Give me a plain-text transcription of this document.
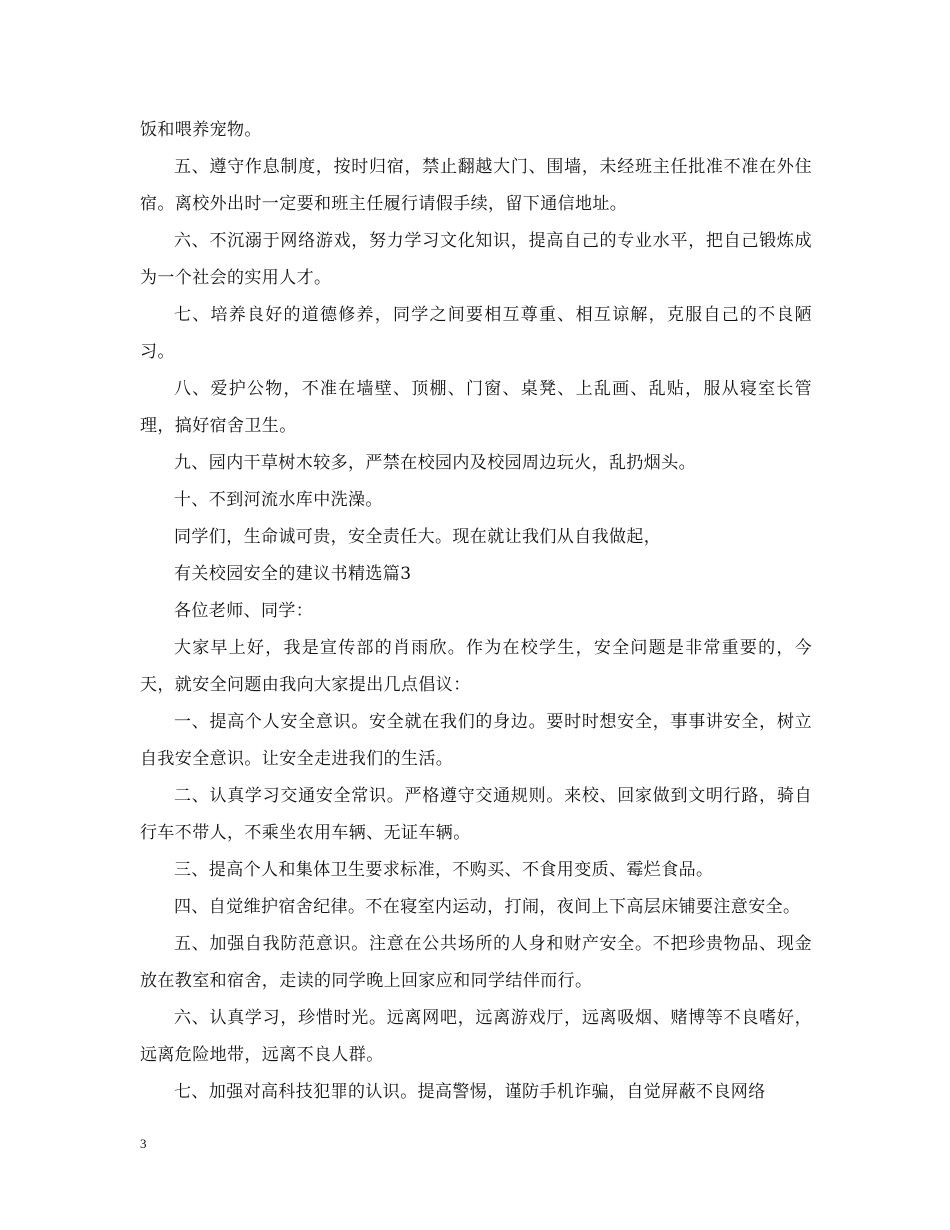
饭和喂养宠物。

五、遵守作息制度，按时归宿，禁止翻越大门、围墙，未经班主任批准不准在外住宿。离校外出时一定要和班主任履行请假手续，留下通信地址。

六、不沉溺于网络游戏，努力学习文化知识，提高自己的专业水平，把自己锻炼成为一个社会的实用人才。

七、培养良好的道德修养，同学之间要相互尊重、相互谅解，克服自己的不良陋习。

八、爱护公物，不准在墙壁、顶棚、门窗、桌凳、上乱画、乱贴，服从寝室长管理，搞好宿舍卫生。

九、园内干草树木较多，严禁在校园内及校园周边玩火，乱扔烟头。

十、不到河流水库中洗澡。

同学们，生命诚可贵，安全责任大。现在就让我们从自我做起，

有关校园安全的建议书精选篇3

各位老师、同学：

大家早上好，我是宣传部的肖雨欣。作为在校学生，安全问题是非常重要的，今天，就安全问题由我向大家提出几点倡议：

一、提高个人安全意识。安全就在我们的身边。要时时想安全，事事讲安全，树立自我安全意识。让安全走进我们的生活。

二、认真学习交通安全常识。严格遵守交通规则。来校、回家做到文明行路，骑自行车不带人，不乘坐农用车辆、无证车辆。

三、提高个人和集体卫生要求标准，不购买、不食用变质、霉烂食品。

四、自觉维护宿舍纪律。不在寝室内运动，打闹，夜间上下高层床铺要注意安全。

五、加强自我防范意识。注意在公共场所的人身和财产安全。不把珍贵物品、现金放在教室和宿舍，走读的同学晚上回家应和同学结伴而行。

六、认真学习，珍惜时光。远离网吧，远离游戏厅，远离吸烟、赌博等不良嗜好，远离危险地带，远离不良人群。

七、加强对高科技犯罪的认识。提高警惕，谨防手机诈骗，自觉屏蔽不良网络

3
